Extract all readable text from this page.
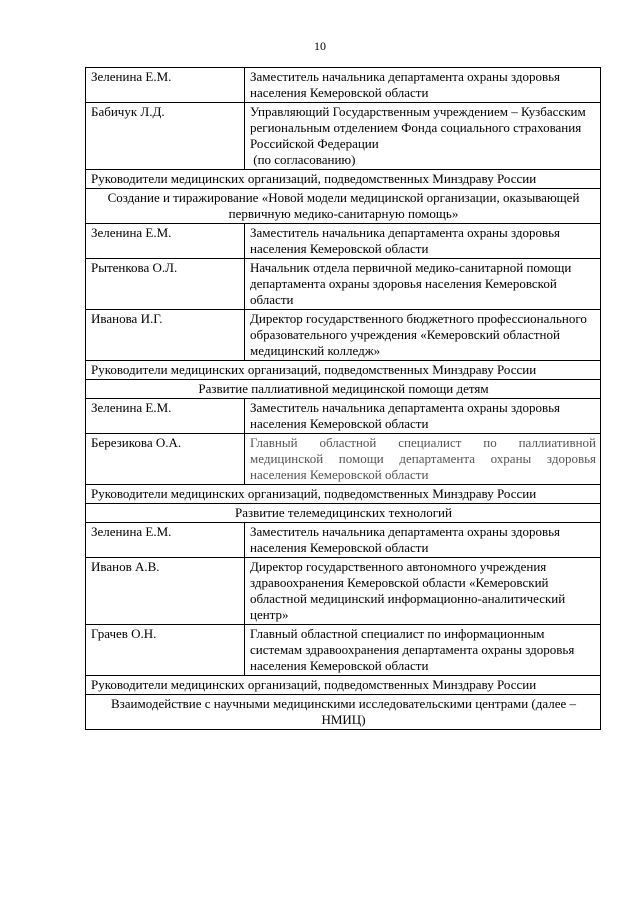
10
Зеленина Е.М.	Заместитель начальника департамента охраны здоровья населения Кемеровской области
Бабичук Л.Д.	Управляющий Государственным учреждением – Кузбасским региональным отделением Фонда социального страхования Российской Федерации
(по согласованию)
Руководители медицинских организаций, подведомственных Минздраву России	
Создание и тиражирование «Новой модели медицинской организации, оказывающей первичную медико-санитарную помощь»	
Зеленина Е.М.	Заместитель начальника департамента охраны здоровья населения Кемеровской области
Рытенкова О.Л.	Начальник отдела первичной медико-санитарной помощи департамента охраны здоровья населения Кемеровской области
Иванова И.Г.	Директор государственного бюджетного профессионального образовательного учреждения «Кемеровский областной медицинский колледж»
Руководители медицинских организаций, подведомственных Минздраву России	
Развитие паллиативной медицинской помощи детям	
Зеленина Е.М.	Заместитель начальника департамента охраны здоровья населения Кемеровской области
Березикова О.А.	Главный областной специалист по паллиативной медицинской помощи департамента охраны здоровья населения Кемеровской области
Руководители медицинских организаций, подведомственных Минздраву России	
Развитие телемедицинских технологий	
Зеленина Е.М.	Заместитель начальника департамента охраны здоровья населения Кемеровской области
Иванов А.В.	Директор государственного автономного учреждения здравоохранения Кемеровской области «Кемеровский областной медицинский информационно-аналитический центр»
Грачев О.Н.	Главный областной специалист по информационным системам здравоохранения департамента охраны здоровья населения Кемеровской области
Руководители медицинских организаций, подведомственных Минздраву России	
Взаимодействие с научными медицинскими исследовательскими центрами (далее – НМИЦ)	
